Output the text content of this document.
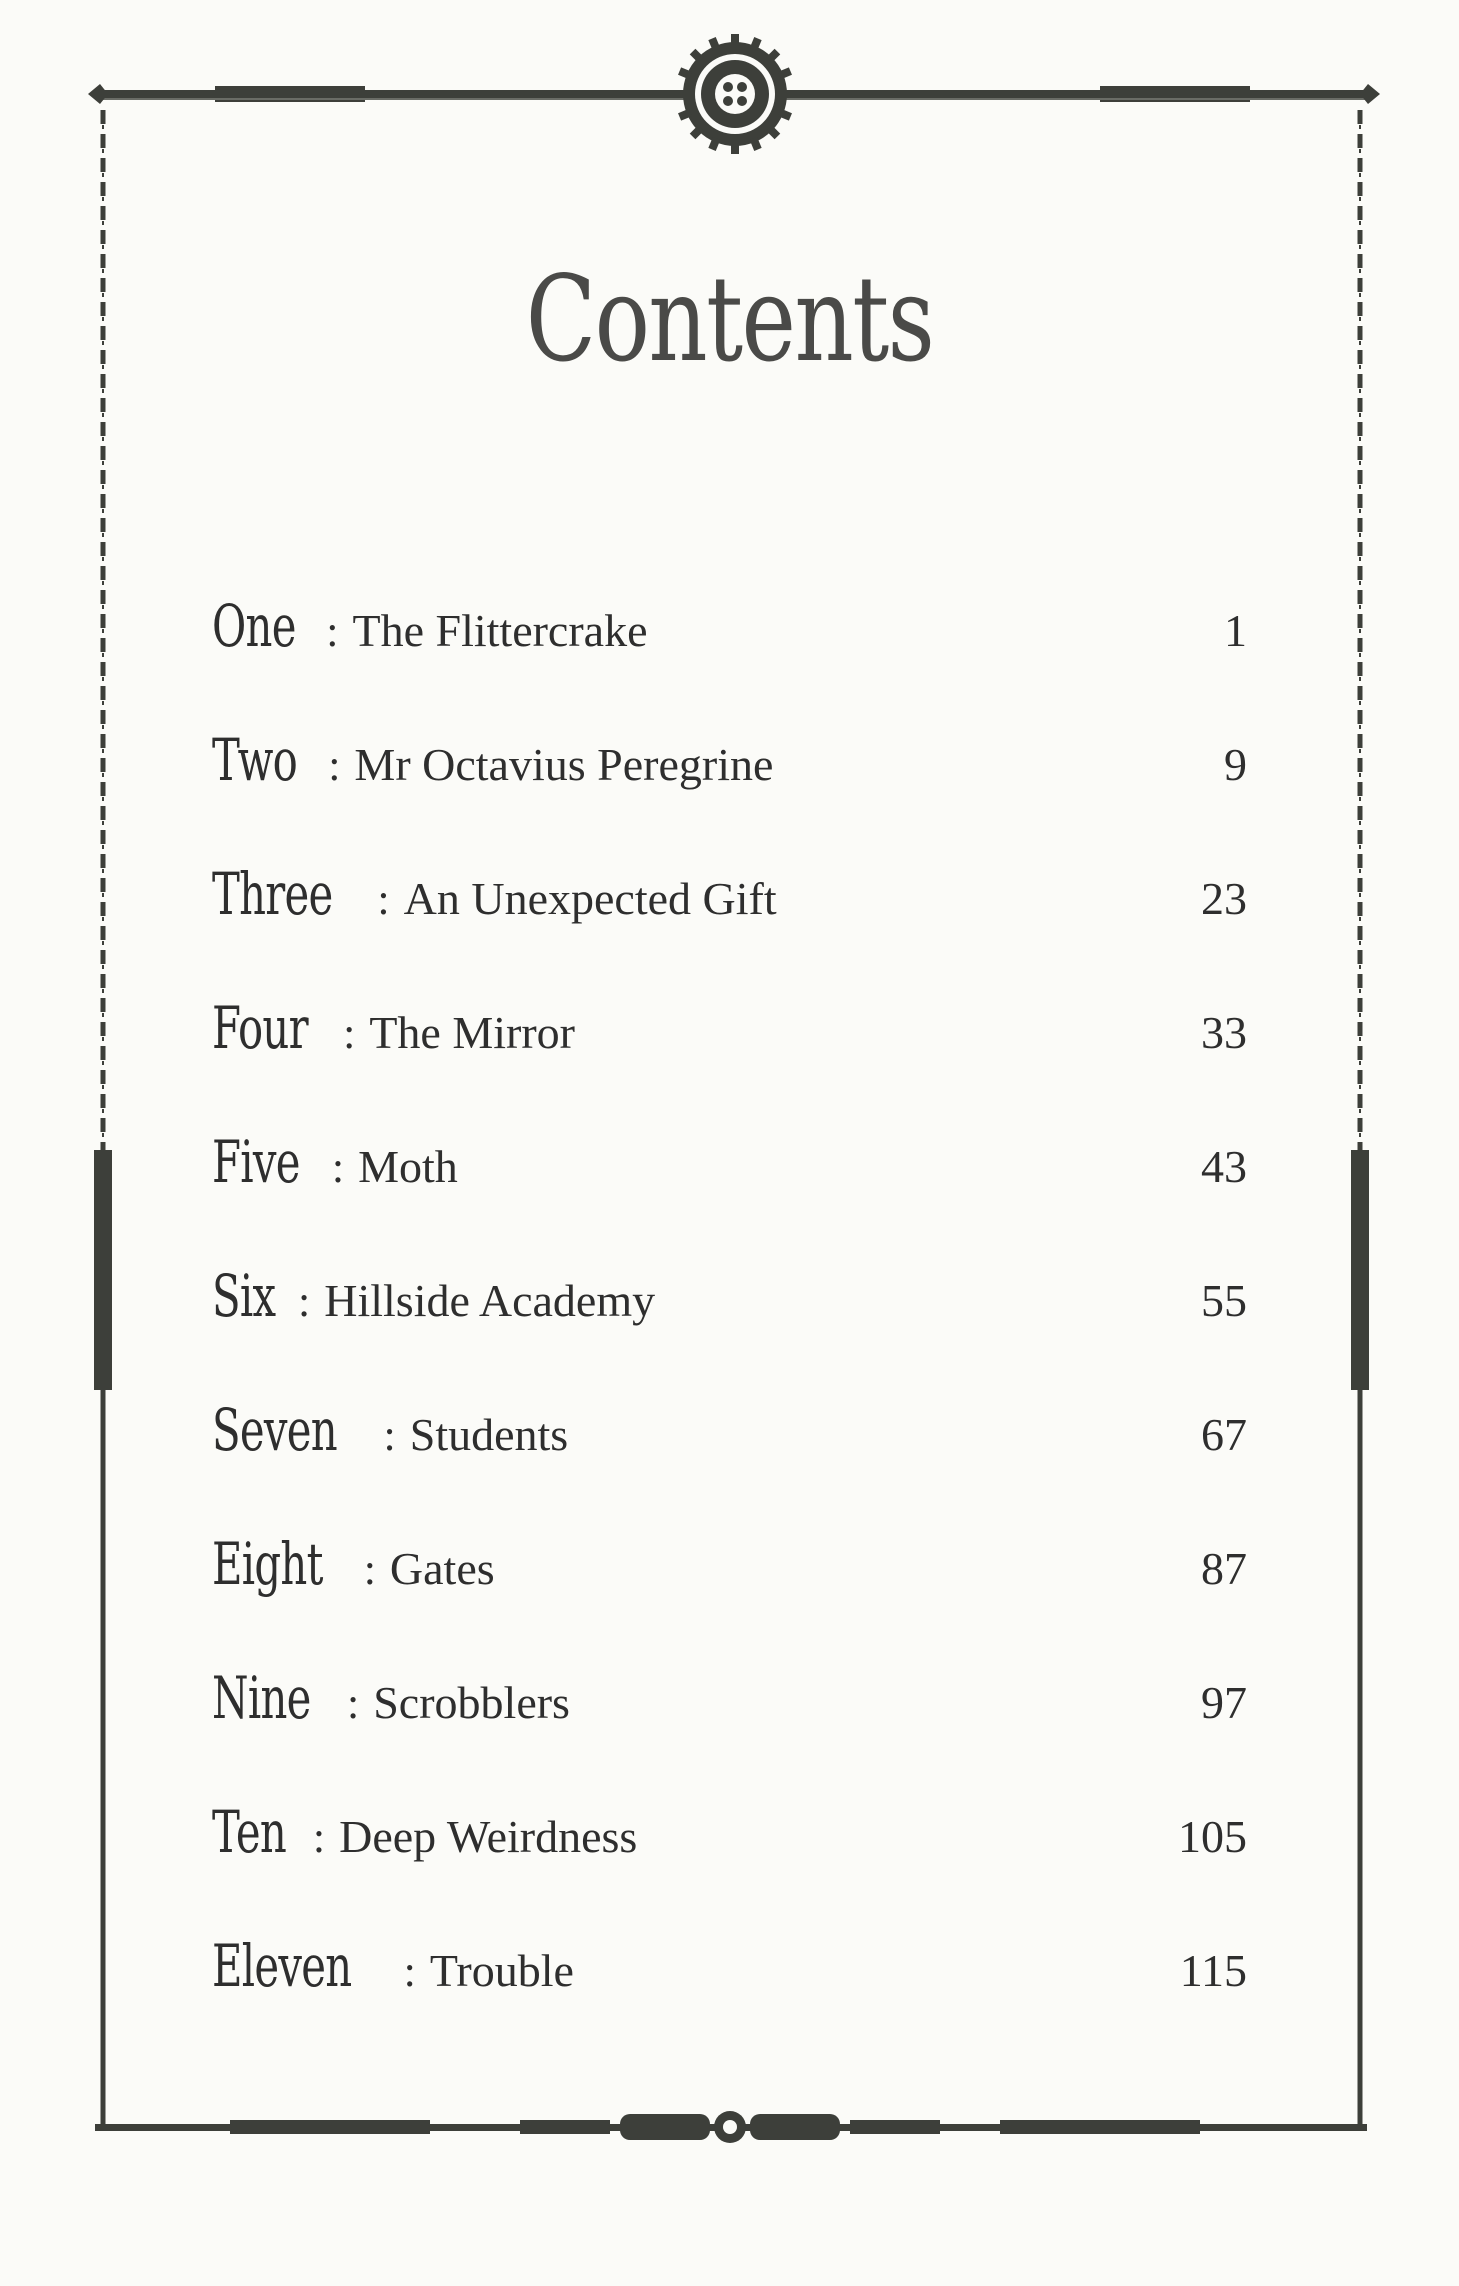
Contents
One : The Flittercrake	1
Two : Mr Octavius Peregrine	9
Three : An Unexpected Gift	23
Four : The Mirror	33
Five : Moth	43
Six : Hillside Academy	55
Seven : Students	67
Eight : Gates	87
Nine : Scrobblers	97
Ten : Deep Weirdness	105
Eleven : Trouble	115
